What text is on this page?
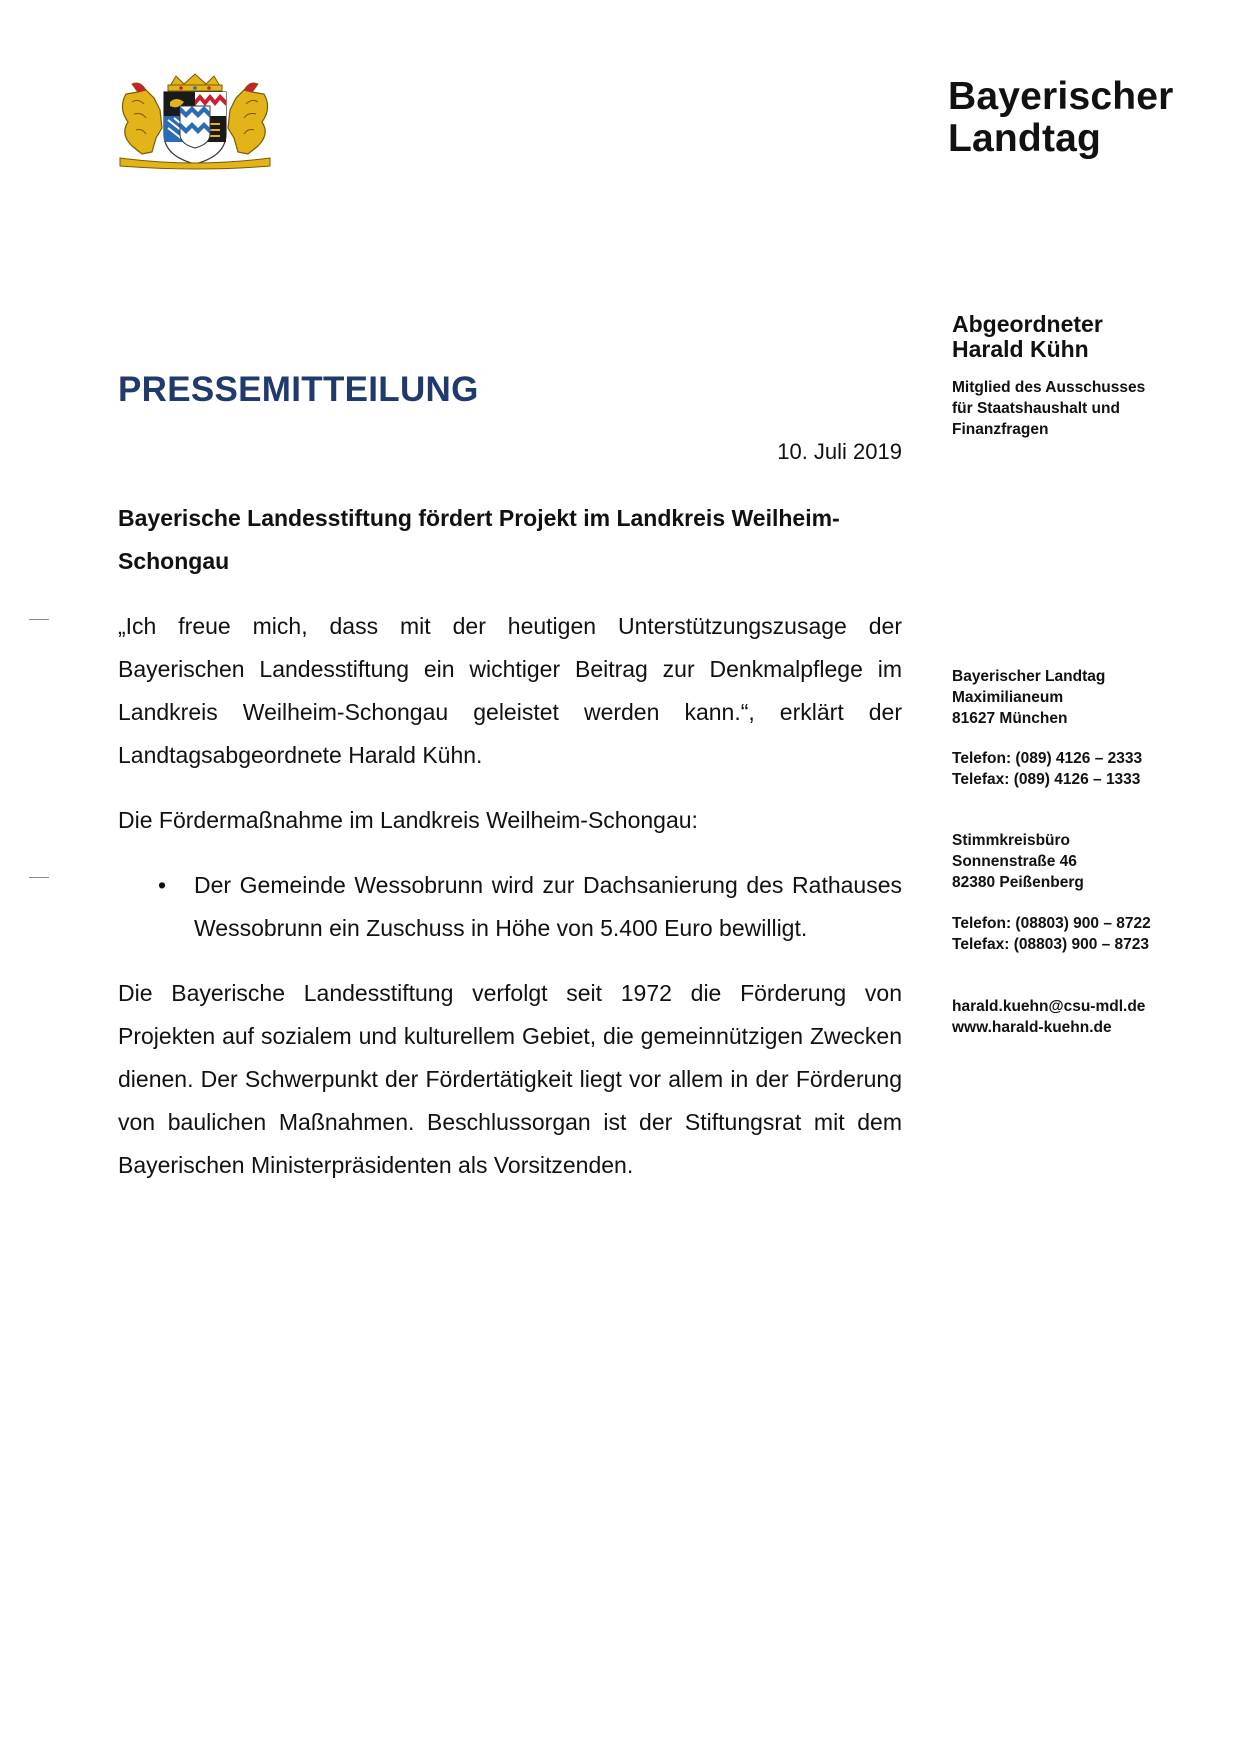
Bayerischer
Landtag
Abgeordneter
Harald Kühn
Mitglied des Ausschusses
für Staatshaushalt und
Finanzfragen
PRESSEMITTEILUNG
10. Juli 2019

Bayerische Landesstiftung fördert Projekt im Landkreis Weilheim-Schongau

„Ich freue mich, dass mit der heutigen Unterstützungszusage der Bayerischen Landesstiftung ein wichtiger Beitrag zur Denkmalpflege im Landkreis Weilheim-Schongau geleistet werden kann.“, erklärt der Landtagsabgeordnete Harald Kühn.

Die Fördermaßnahme im Landkreis Weilheim-Schongau:

• Der Gemeinde Wessobrunn wird zur Dachsanierung des Rathauses Wessobrunn ein Zuschuss in Höhe von 5.400 Euro bewilligt.

Die Bayerische Landesstiftung verfolgt seit 1972 die Förderung von Projekten auf sozialem und kulturellem Gebiet, die gemeinnützigen Zwecken dienen. Der Schwerpunkt der Fördertätigkeit liegt vor allem in der Förderung von baulichen Maßnahmen. Beschlussorgan ist der Stiftungsrat mit dem Bayerischen Ministerpräsidenten als Vorsitzenden.

Bayerischer Landtag
Maximilianeum
81627 München
Telefon: (089) 4126 – 2333
Telefax: (089) 4126 – 1333
Stimmkreisbüro
Sonnenstraße 46
82380 Peißenberg
Telefon: (08803) 900 – 8722
Telefax: (08803) 900 – 8723
harald.kuehn@csu-mdl.de
www.harald-kuehn.de
